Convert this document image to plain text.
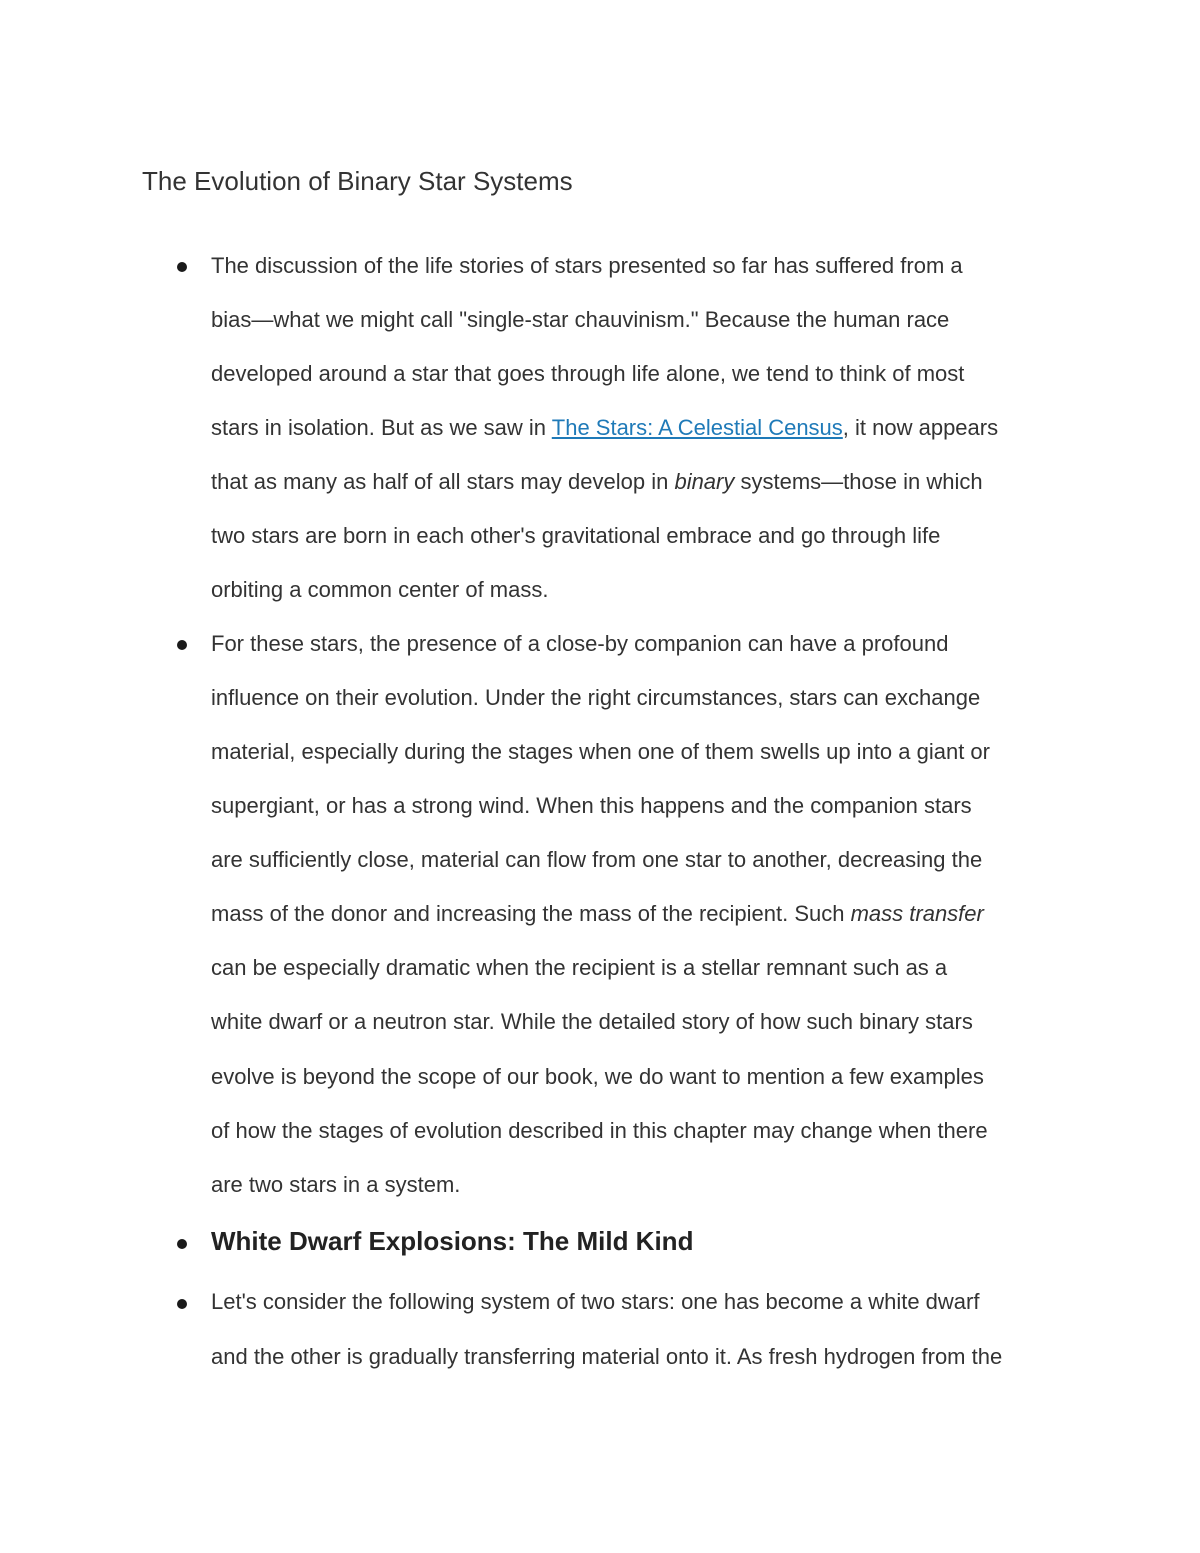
The Evolution of Binary Star Systems
The discussion of the life stories of stars presented so far has suffered from a
bias—what we might call "single-star chauvinism." Because the human race
developed around a star that goes through life alone, we tend to think of most
stars in isolation. But as we saw in The Stars: A Celestial Census, it now appears
that as many as half of all stars may develop in binary systems—those in which
two stars are born in each other's gravitational embrace and go through life
orbiting a common center of mass.
For these stars, the presence of a close-by companion can have a profound
influence on their evolution. Under the right circumstances, stars can exchange
material, especially during the stages when one of them swells up into a giant or
supergiant, or has a strong wind. When this happens and the companion stars
are sufficiently close, material can flow from one star to another, decreasing the
mass of the donor and increasing the mass of the recipient. Such mass transfer
can be especially dramatic when the recipient is a stellar remnant such as a
white dwarf or a neutron star. While the detailed story of how such binary stars
evolve is beyond the scope of our book, we do want to mention a few examples
of how the stages of evolution described in this chapter may change when there
are two stars in a system.
White Dwarf Explosions: The Mild Kind
Let's consider the following system of two stars: one has become a white dwarf
and the other is gradually transferring material onto it. As fresh hydrogen from the
